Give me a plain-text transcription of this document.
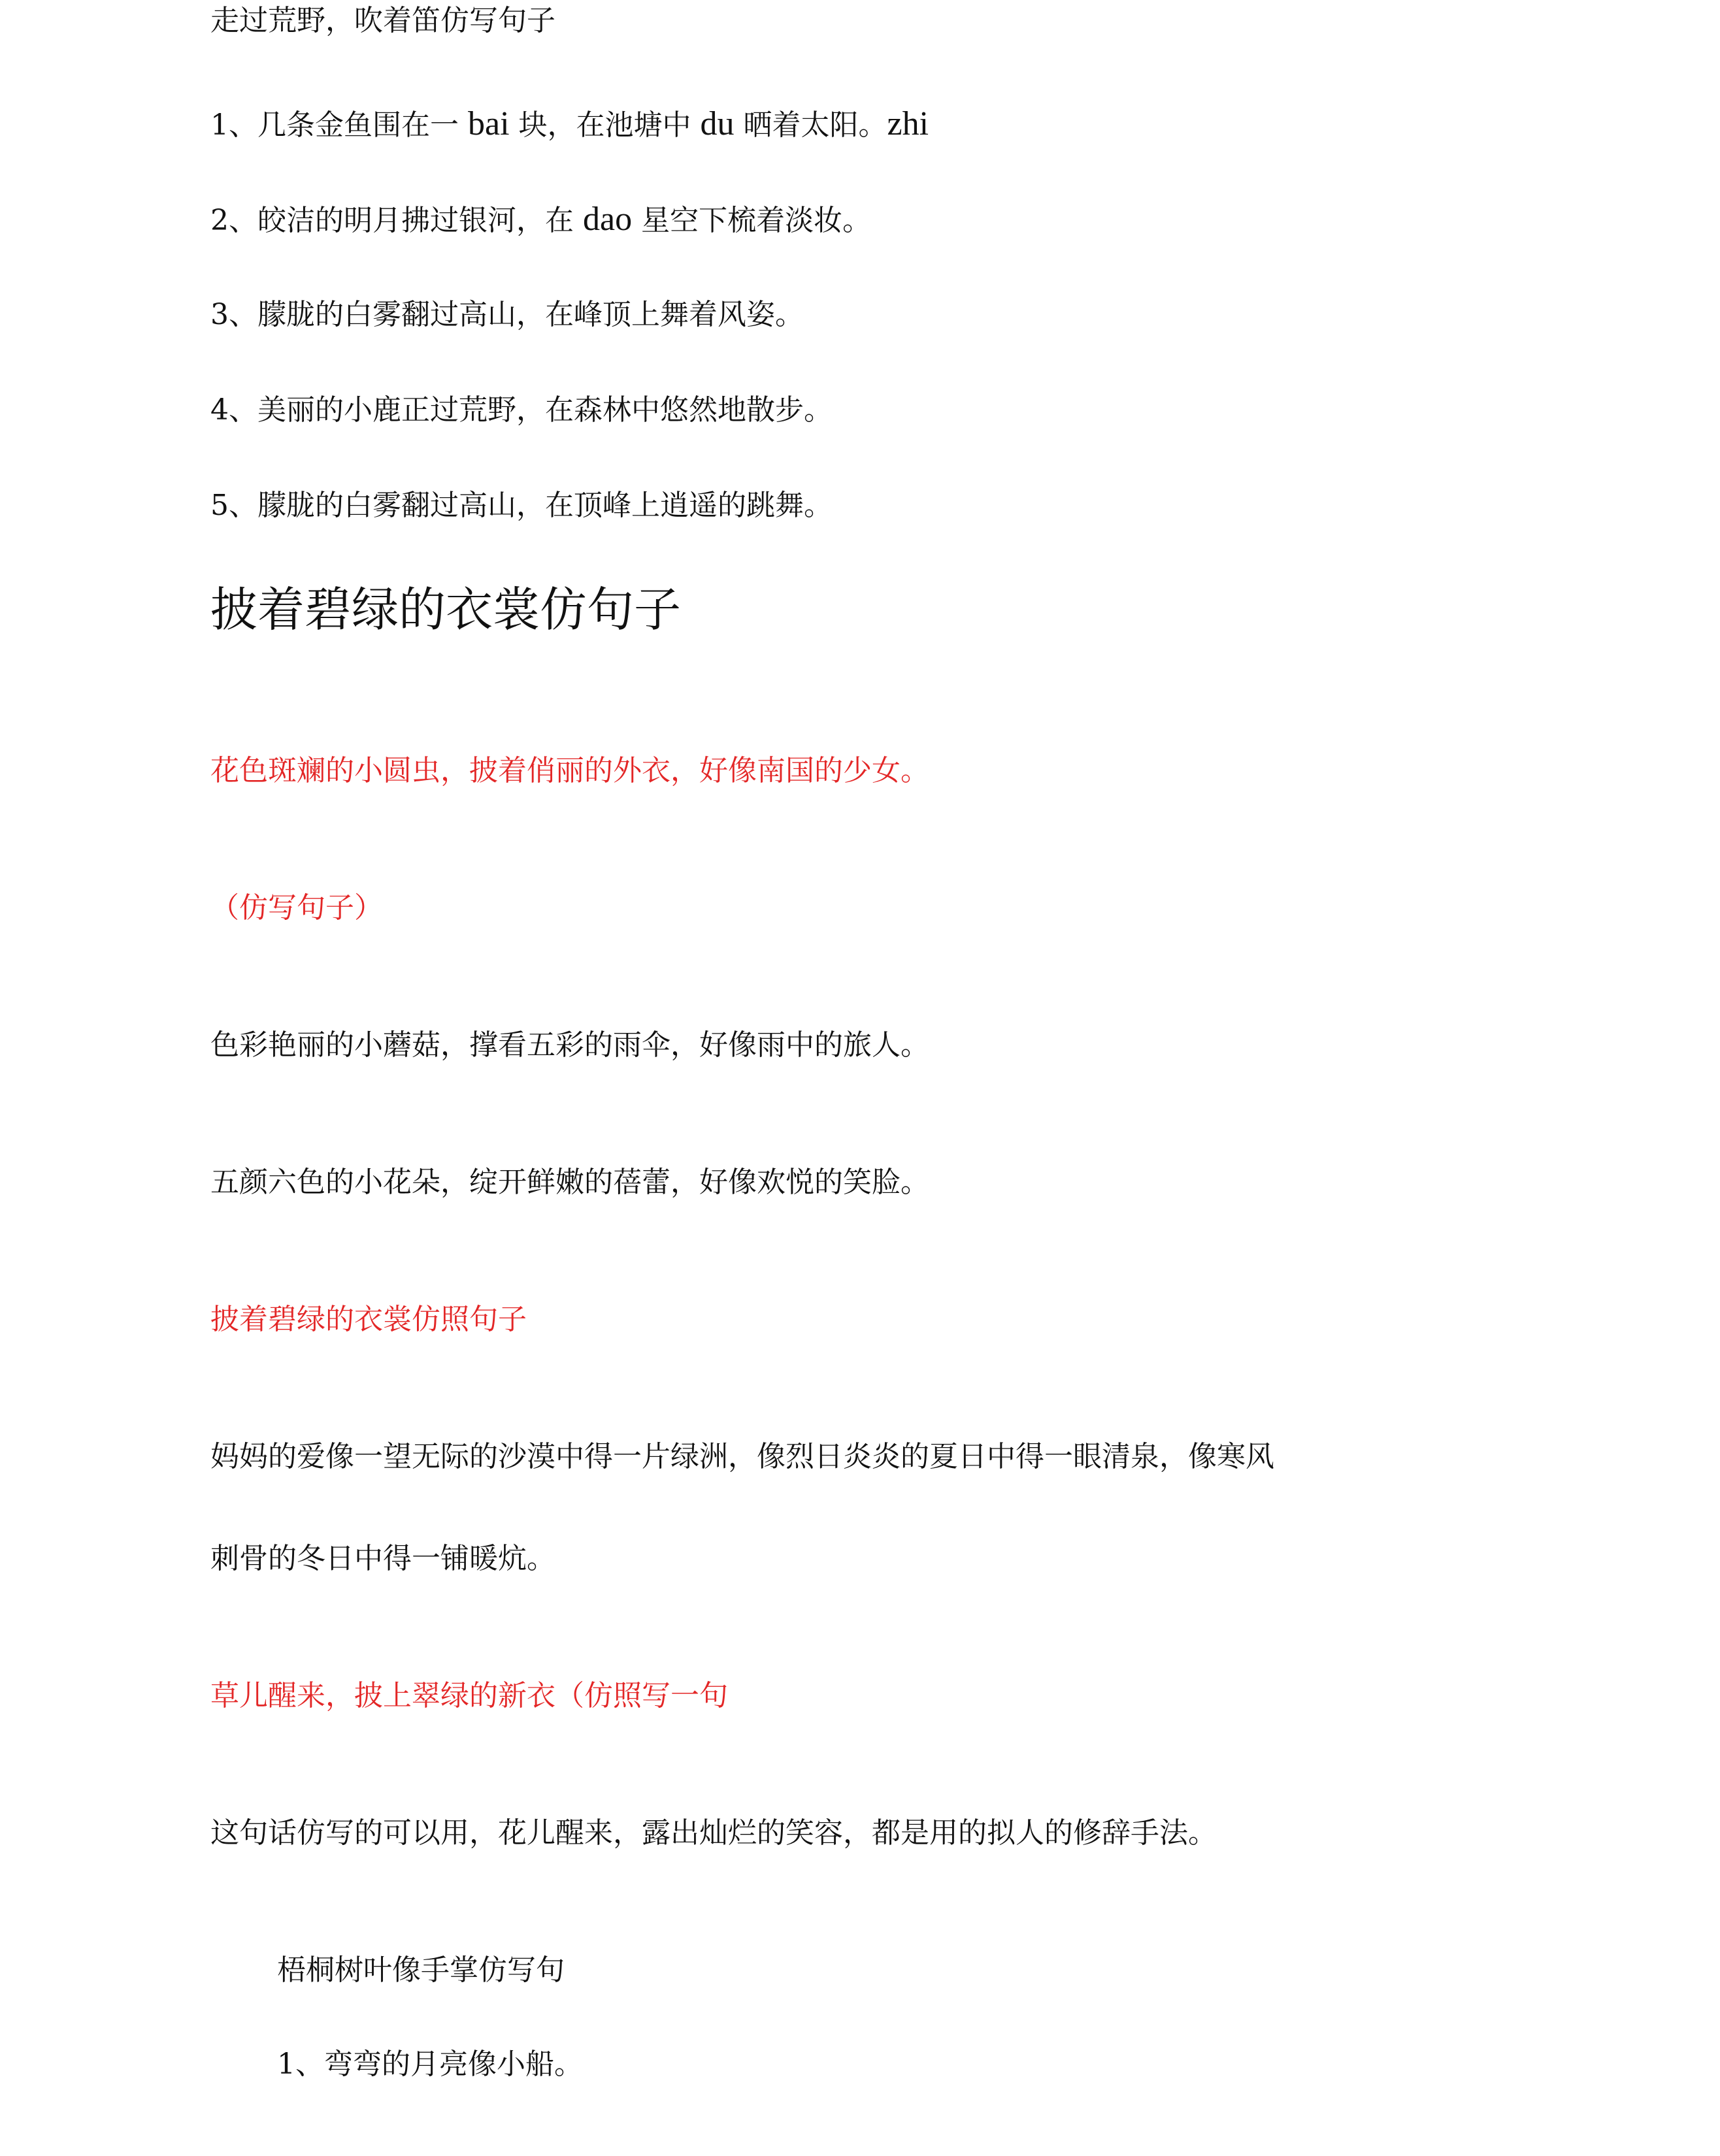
走过荒野，吹着笛仿写句子
1、几条金鱼围在一 bai 块，在池塘中 du 晒着太阳。zhi
2、皎洁的明月拂过银河，在 dao 星空下梳着淡妆。
3、朦胧的白雾翻过高山，在峰顶上舞着风姿。
4、美丽的小鹿正过荒野，在森林中悠然地散步。
5、朦胧的白雾翻过高山，在顶峰上逍遥的跳舞。
披着碧绿的衣裳仿句子
花色斑斓的小圆虫，披着俏丽的外衣，好像南国的少女。
（仿写句子）
色彩艳丽的小蘑菇，撑看五彩的雨伞，好像雨中的旅人。
五颜六色的小花朵，绽开鲜嫩的蓓蕾，好像欢悦的笑脸。
披着碧绿的衣裳仿照句子
妈妈的爱像一望无际的沙漠中得一片绿洲，像烈日炎炎的夏日中得一眼清泉，像寒风
刺骨的冬日中得一铺暖炕。
草儿醒来，披上翠绿的新衣（仿照写一句
这句话仿写的可以用，花儿醒来，露出灿烂的笑容，都是用的拟人的修辞手法。
梧桐树叶像手掌仿写句
1、弯弯的月亮像小船。
